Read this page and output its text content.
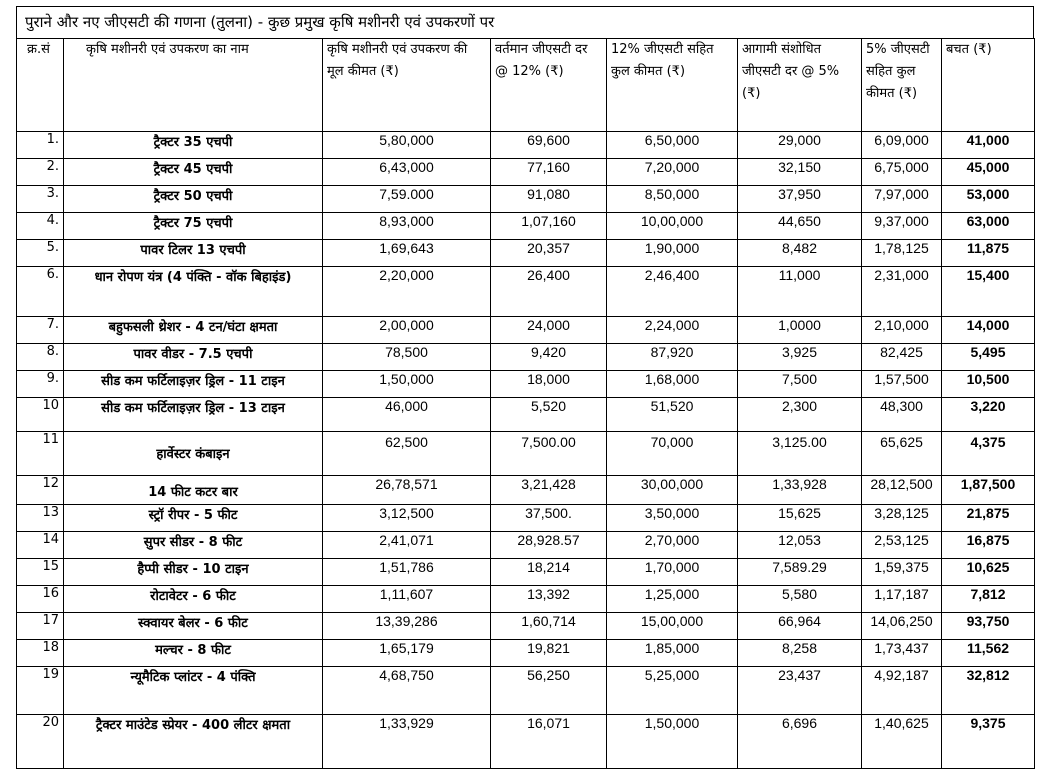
पुराने और नए जीएसटी की गणना (तुलना) - कुछ प्रमुख कृषि मशीनरी एवं उपकरणों पर
क्र.सं	कृषि मशीनरी एवं उपकरण का नाम	कृषि मशीनरी एवं उपकरण की मूल कीमत (₹)	वर्तमान जीएसटी दर @ 12% (₹)	12% जीएसटी सहित कुल कीमत (₹)	आगामी संशोधित जीएसटी दर @ 5% (₹)	5% जीएसटी सहित कुल कीमत (₹)	बचत (₹)
1.	ट्रैक्टर 35 एचपी	5,80,000	69,600	6,50,000	29,000	6,09,000	41,000
2.	ट्रैक्टर 45 एचपी	6,43,000	77,160	7,20,000	32,150	6,75,000	45,000
3.	ट्रैक्टर 50 एचपी	7,59.000	91,080	8,50,000	37,950	7,97,000	53,000
4.	ट्रैक्टर 75 एचपी	8,93,000	1,07,160	10,00,000	44,650	9,37,000	63,000
5.	पावर टिलर 13 एचपी	1,69,643	20,357	1,90,000	8,482	1,78,125	11,875
6.	धान रोपण यंत्र (4 पंक्ति - वॉक बिहाइंड)	2,20,000	26,400	2,46,400	11,000	2,31,000	15,400
7.	बहुफसली थ्रेशर - 4 टन/घंटा क्षमता	2,00,000	24,000	2,24,000	1,0000	2,10,000	14,000
8.	पावर वीडर - 7.5 एचपी	78,500	9,420	87,920	3,925	82,425	5,495
9.	सीड कम फर्टिलाइज़र ड्रिल - 11 टाइन	1,50,000	18,000	1,68,000	7,500	1,57,500	10,500
10	सीड कम फर्टिलाइज़र ड्रिल - 13 टाइन	46,000	5,520	51,520	2,300	48,300	3,220
11	हार्वेस्टर कंबाइन	62,500	7,500.00	70,000	3,125.00	65,625	4,375
12	14 फीट कटर बार	26,78,571	3,21,428	30,00,000	1,33,928	28,12,500	1,87,500
13	स्ट्रॉ रीपर - 5 फीट	3,12,500	37,500.	3,50,000	15,625	3,28,125	21,875
14	सुपर सीडर - 8 फीट	2,41,071	28,928.57	2,70,000	12,053	2,53,125	16,875
15	हैप्पी सीडर - 10 टाइन	1,51,786	18,214	1,70,000	7,589.29	1,59,375	10,625
16	रोटावेटर - 6 फीट	1,11,607	13,392	1,25,000	5,580	1,17,187	7,812
17	स्क्वायर बेलर - 6 फीट	13,39,286	1,60,714	15,00,000	66,964	14,06,250	93,750
18	मल्चर - 8 फीट	1,65,179	19,821	1,85,000	8,258	1,73,437	11,562
19	न्यूमैटिक प्लांटर - 4 पंक्ति	4,68,750	56,250	5,25,000	23,437	4,92,187	32,812
20	ट्रैक्टर माउंटेड स्प्रेयर - 400 लीटर क्षमता	1,33,929	16,071	1,50,000	6,696	1,40,625	9,375
